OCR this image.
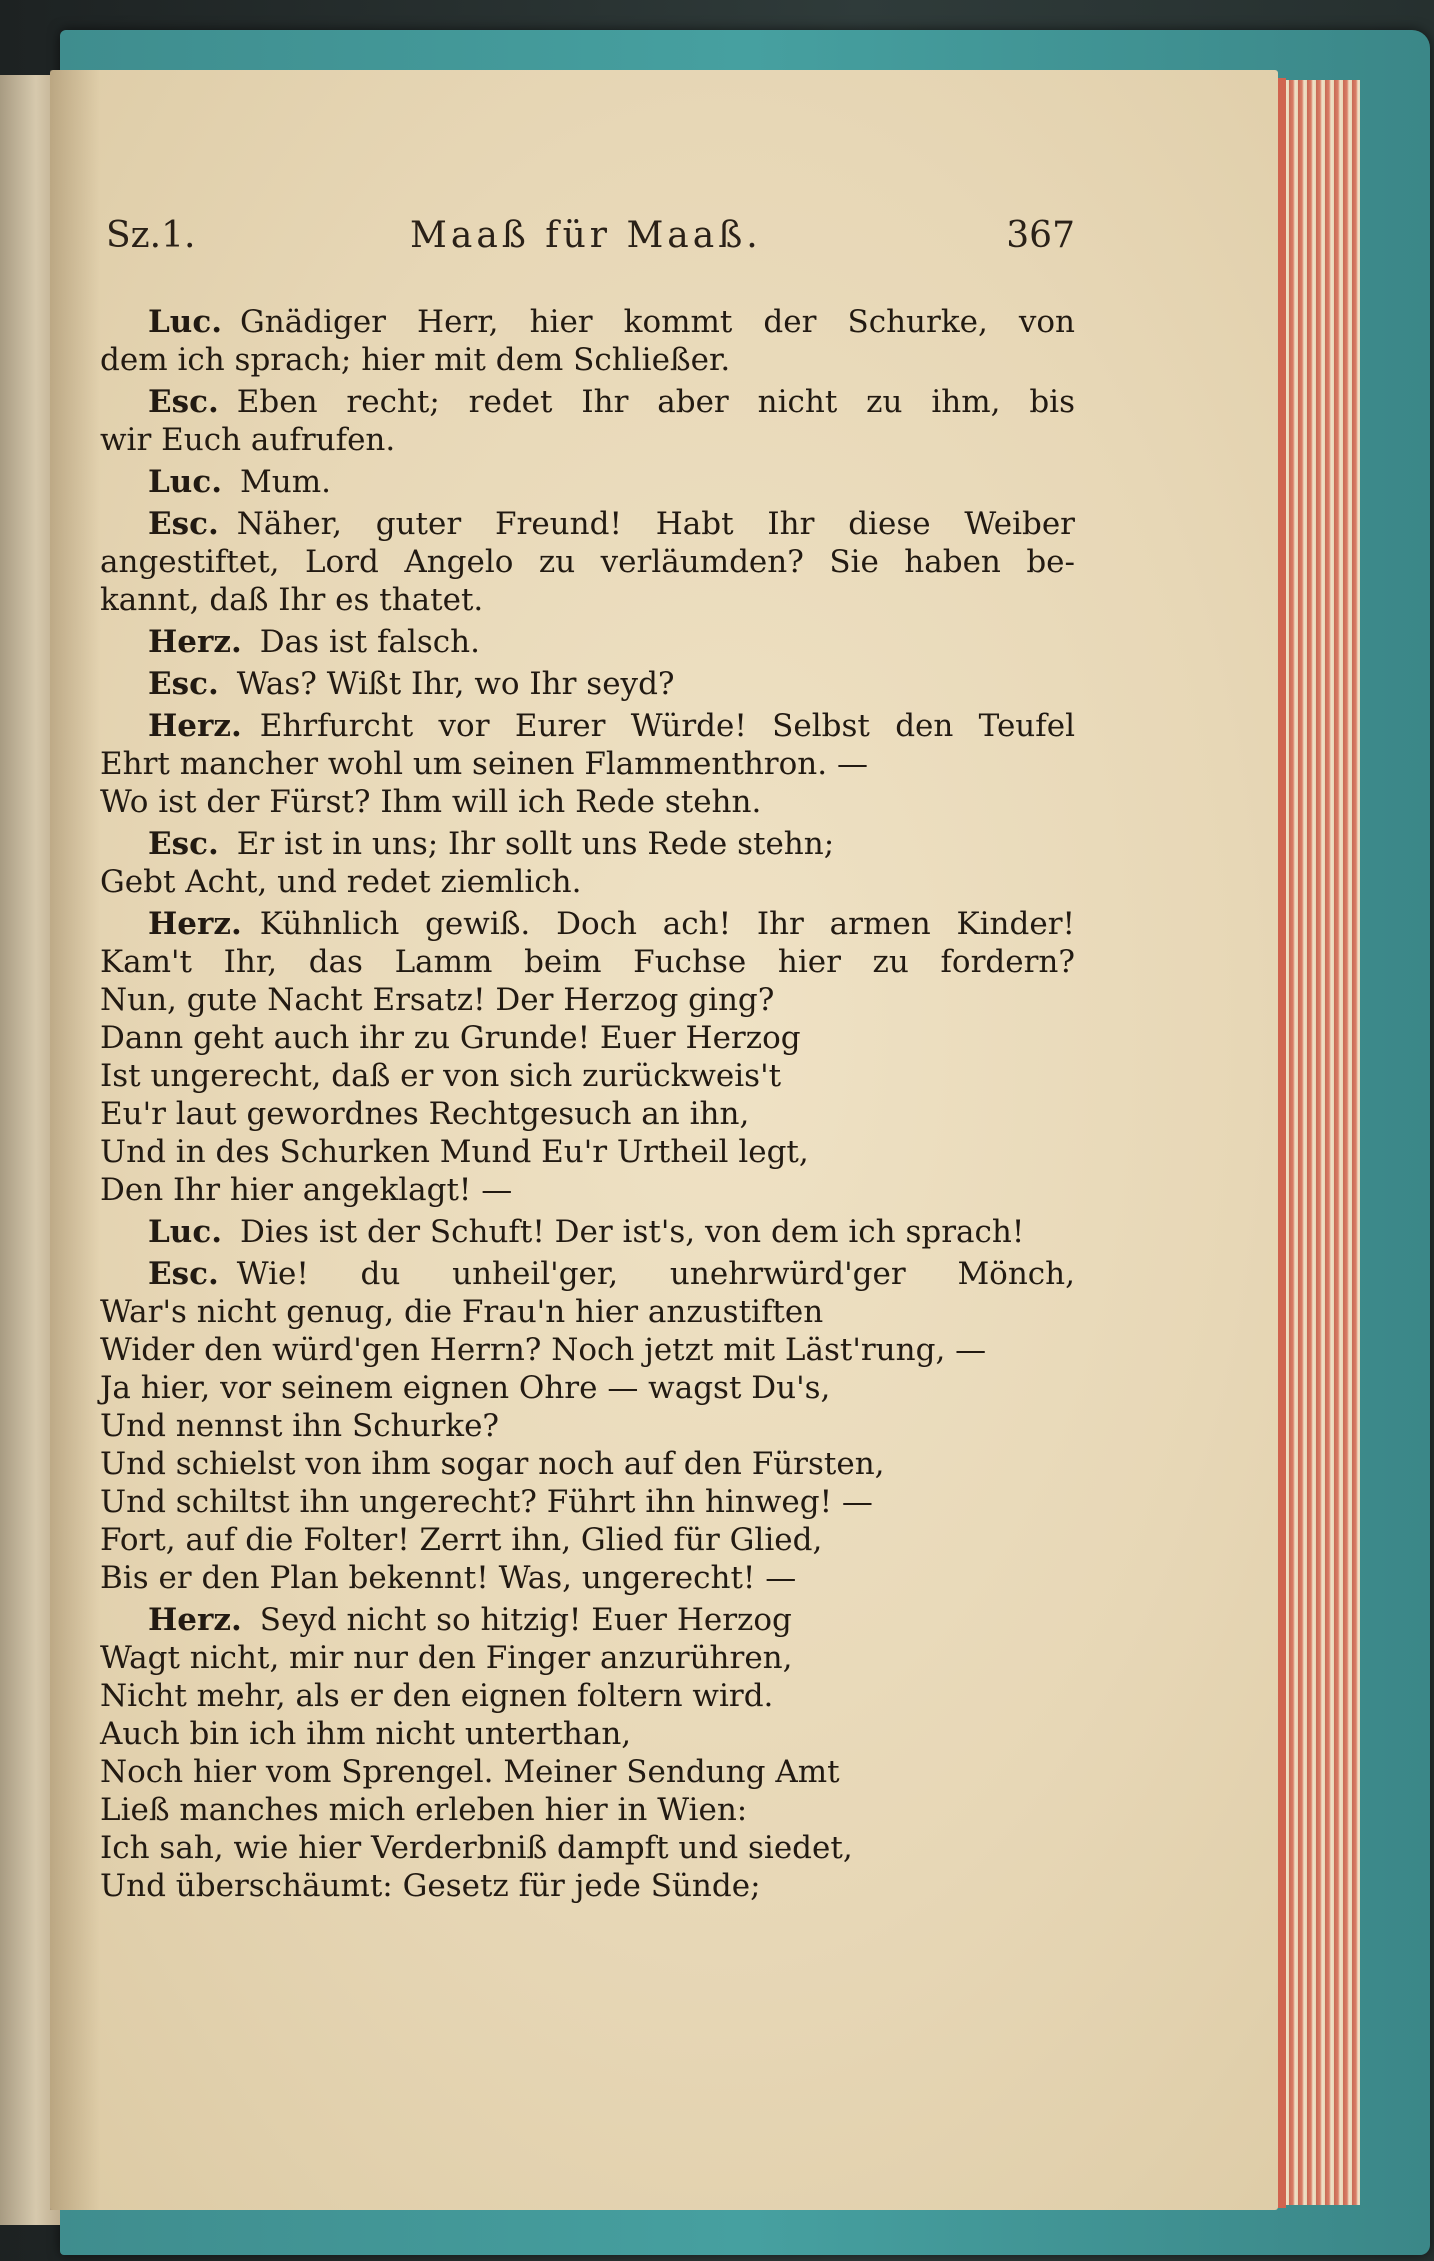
Sz.1.	Maaß für Maaß.	367
Luc. Gnädiger Herr, hier kommt der Schurke, von
dem ich sprach; hier mit dem Schließer.
Esc. Eben recht; redet Ihr aber nicht zu ihm, bis
wir Euch aufrufen.
Luc. Mum.
Esc. Näher, guter Freund! Habt Ihr diese Weiber
angestiftet, Lord Angelo zu verläumden? Sie haben be-
kannt, daß Ihr es thatet.
Herz. Das ist falsch.
Esc. Was? Wißt Ihr, wo Ihr seyd?
Herz. Ehrfurcht vor Eurer Würde! Selbst den Teufel
Ehrt mancher wohl um seinen Flammenthron. —
Wo ist der Fürst? Ihm will ich Rede stehn.
Esc. Er ist in uns; Ihr sollt uns Rede stehn;
Gebt Acht, und redet ziemlich.
Herz. Kühnlich gewiß. Doch ach! Ihr armen Kinder!
Kam't Ihr, das Lamm beim Fuchse hier zu fordern?
Nun, gute Nacht Ersatz! Der Herzog ging?
Dann geht auch ihr zu Grunde! Euer Herzog
Ist ungerecht, daß er von sich zurückweis't
Eu'r laut gewordnes Rechtgesuch an ihn,
Und in des Schurken Mund Eu'r Urtheil legt,
Den Ihr hier angeklagt! —
Luc. Dies ist der Schuft! Der ist's, von dem ich sprach!
Esc. Wie! du unheil'ger, unehrwürd'ger Mönch,
War's nicht genug, die Frau'n hier anzustiften
Wider den würd'gen Herrn? Noch jetzt mit Läst'rung, —
Ja hier, vor seinem eignen Ohre — wagst Du's,
Und nennst ihn Schurke?
Und schielst von ihm sogar noch auf den Fürsten,
Und schiltst ihn ungerecht? Führt ihn hinweg! —
Fort, auf die Folter! Zerrt ihn, Glied für Glied,
Bis er den Plan bekennt! Was, ungerecht! —
Herz. Seyd nicht so hitzig! Euer Herzog
Wagt nicht, mir nur den Finger anzurühren,
Nicht mehr, als er den eignen foltern wird.
Auch bin ich ihm nicht unterthan,
Noch hier vom Sprengel. Meiner Sendung Amt
Ließ manches mich erleben hier in Wien:
Ich sah, wie hier Verderbniß dampft und siedet,
Und überschäumt: Gesetz für jede Sünde;
